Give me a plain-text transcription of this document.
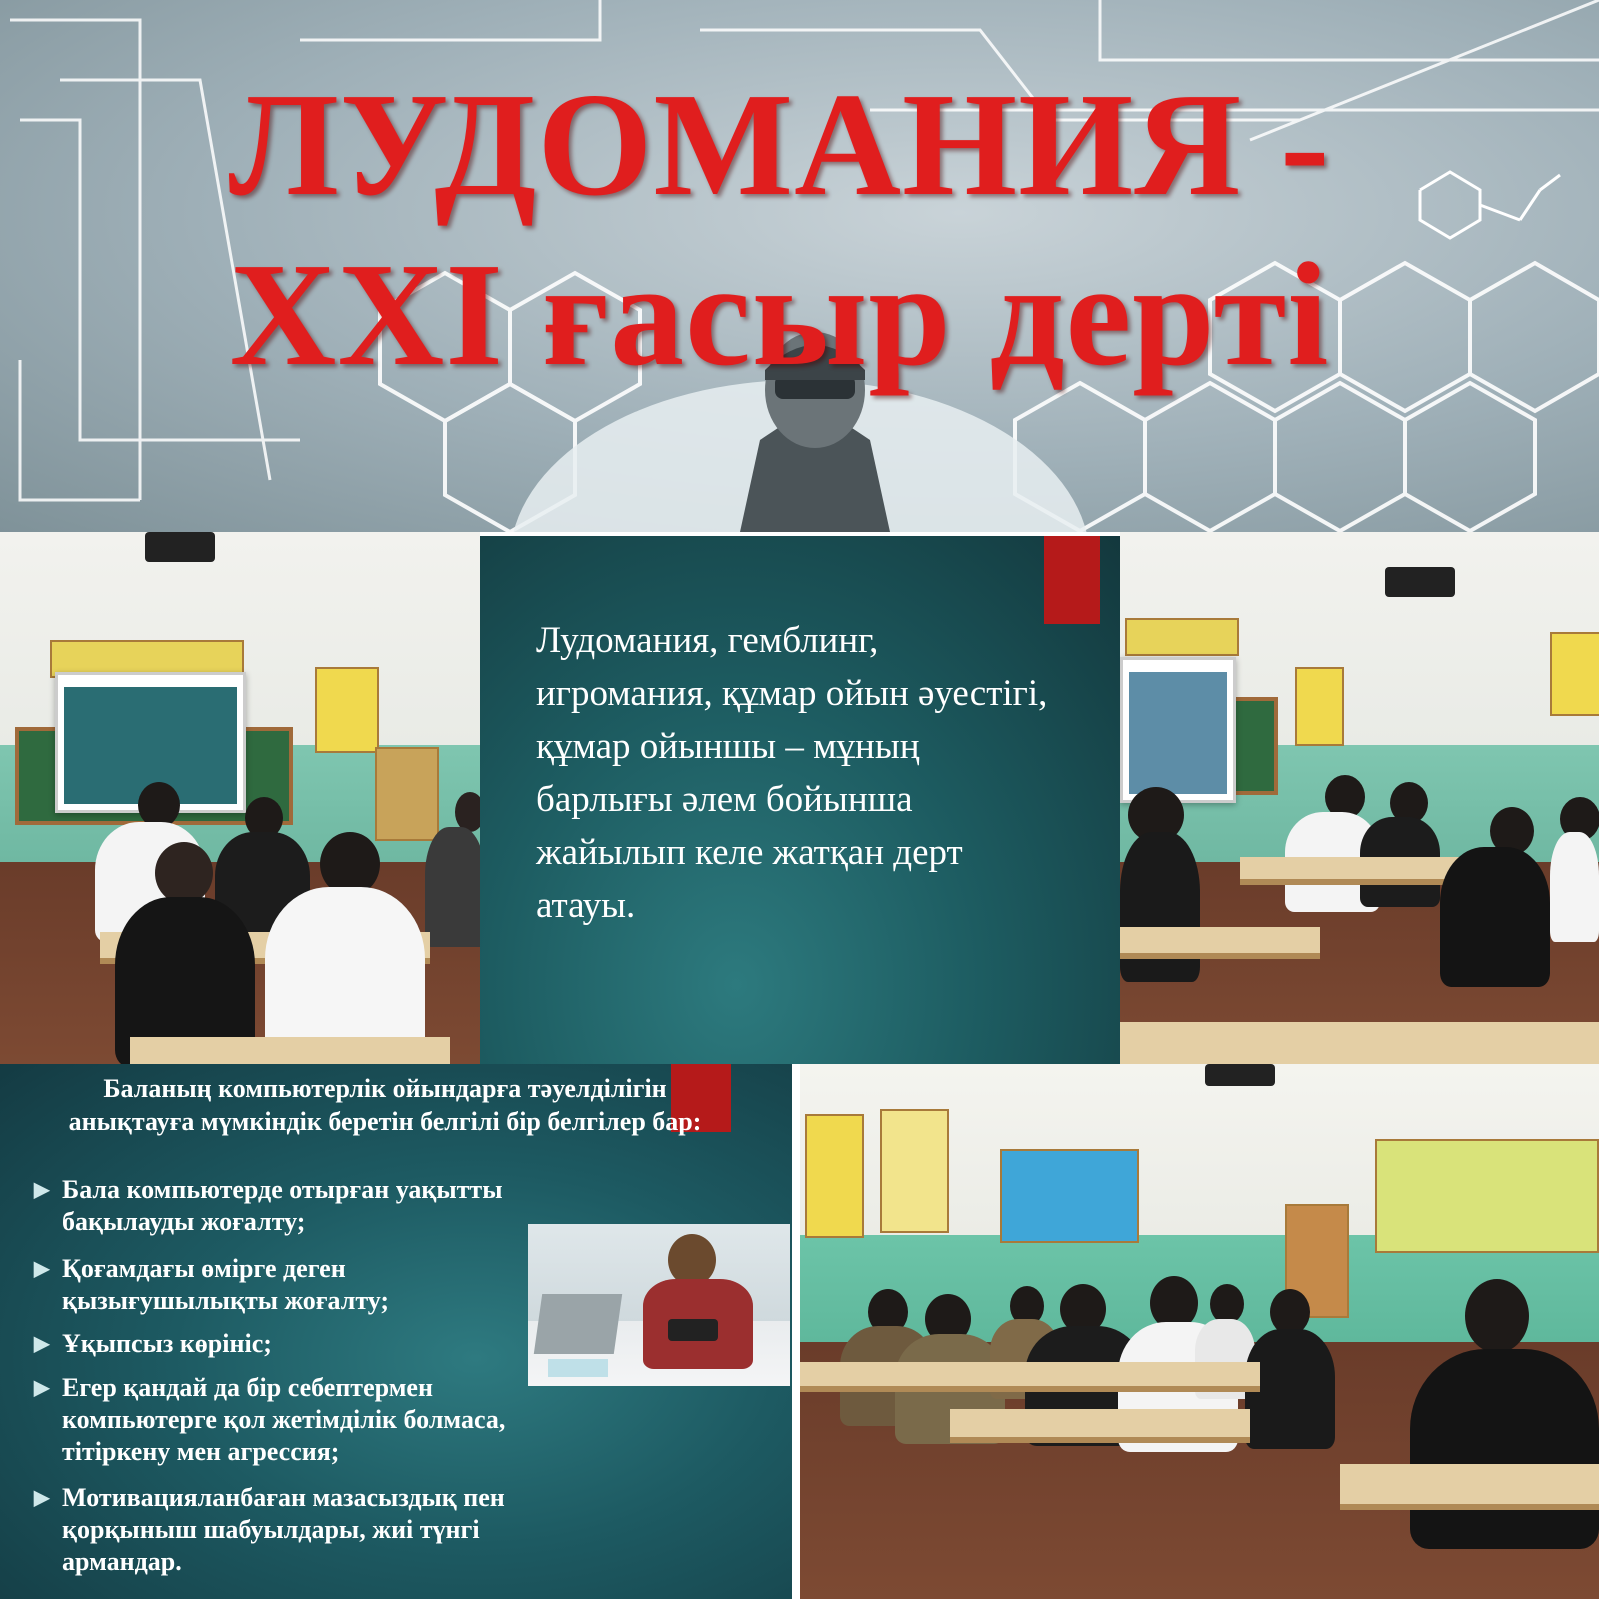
ЛУДОМАНИЯ -
XXI ғасыр дерті
Лудомания, гемблинг, игромания, құмар ойын әуестігі, құмар ойыншы – мұның барлығы әлем бойынша жайылып келе жатқан дерт атауы.
Баланың компьютерлік ойындарға тәуелділігін анықтауға мүмкіндік беретін белгілі бір белгілер бар:
▶ Бала компьютерде отырған уақытты бақылауды жоғалту;
▶ Қоғамдағы өмірге деген қызығушылықты жоғалту;
▶ Ұқыпсыз көрініс;
▶ Егер қандай да бір себептермен компьютерге қол жетімділік болмаса, тітіркену мен агрессия;
▶ Мотивацияланбаған мазасыздық пен қорқыныш шабуылдары, жиі түнгі армандар.
